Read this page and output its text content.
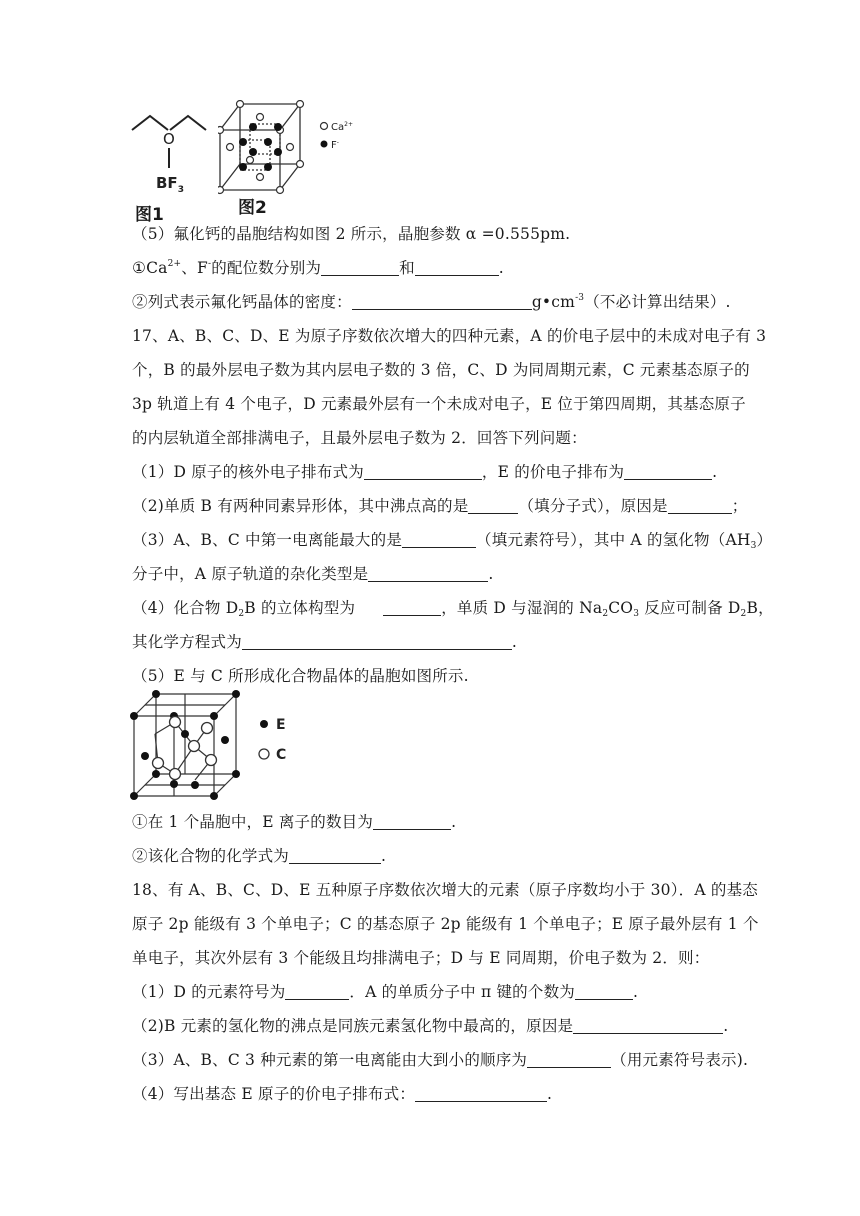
O
$BF_3$
图1
$Ca^{2+}$
F-
图2
（5）氟化钙的晶胞结构如图 2 所示，晶胞参数 α =0.555pm.
$①Ca^{2+}$、F-的配位数分别为	和	.
②列式表示氟化钙晶体的密度：	$g•cm^{-3}$（不必计算出结果）.
17、A、B、C、D、E 为原子序数依次增大的四种元素，A 的价电子层中的未成对电子有 3
个，B 的最外层电子数为其内层电子数的 3 倍，C、D 为同周期元素，C 元素基态原子的
3p 轨道上有 4 个电子，D 元素最外层有一个未成对电子，E 位于第四周期，其基态原子
的内层轨道全部排满电子，且最外层电子数为 2．回答下列问题：
（1）D 原子的核外电子排布式为	，E 的价电子排布为	.
（2)单质 B 有两种同素异形体，其中沸点高的是	（填分子式），原因是	；
（3）A、B、C 中第一电离能最大的是	（填元素符号），其中 A 的氢化物$(AH_3)$
分子中，A 原子轨道的杂化类型是	.
（4）化合物 $D_2B$ 的立体构型为	，单质 D 与湿润的 $Na_2CO_3$ 反应可制备 $D_2B$，
其化学方程式为	.
（5）E 与 C 所形成化合物晶体的晶胞如图所示.
E
C
①在 1 个晶胞中，E 离子的数目为	.
②该化合物的化学式为	.
18、有 A、B、C、D、E 五种原子序数依次增大的元素（原子序数均小于 30）．A 的基态
原子 2p 能级有 3 个单电子；C 的基态原子 2p 能级有 1 个单电子；E 原子最外层有 1 个
单电子，其次外层有 3 个能级且均排满电子；D 与 E 同周期，价电子数为 2．则：
（1）D 的元素符号为	．A 的单质分子中 π 键的个数为	.
（2)B 元素的氢化物的沸点是同族元素氢化物中最高的，原因是	.
（3）A、B、C 3 种元素的第一电离能由大到小的顺序为	（用元素符号表示).
（4）写出基态 E 原子的价电子排布式：	.
